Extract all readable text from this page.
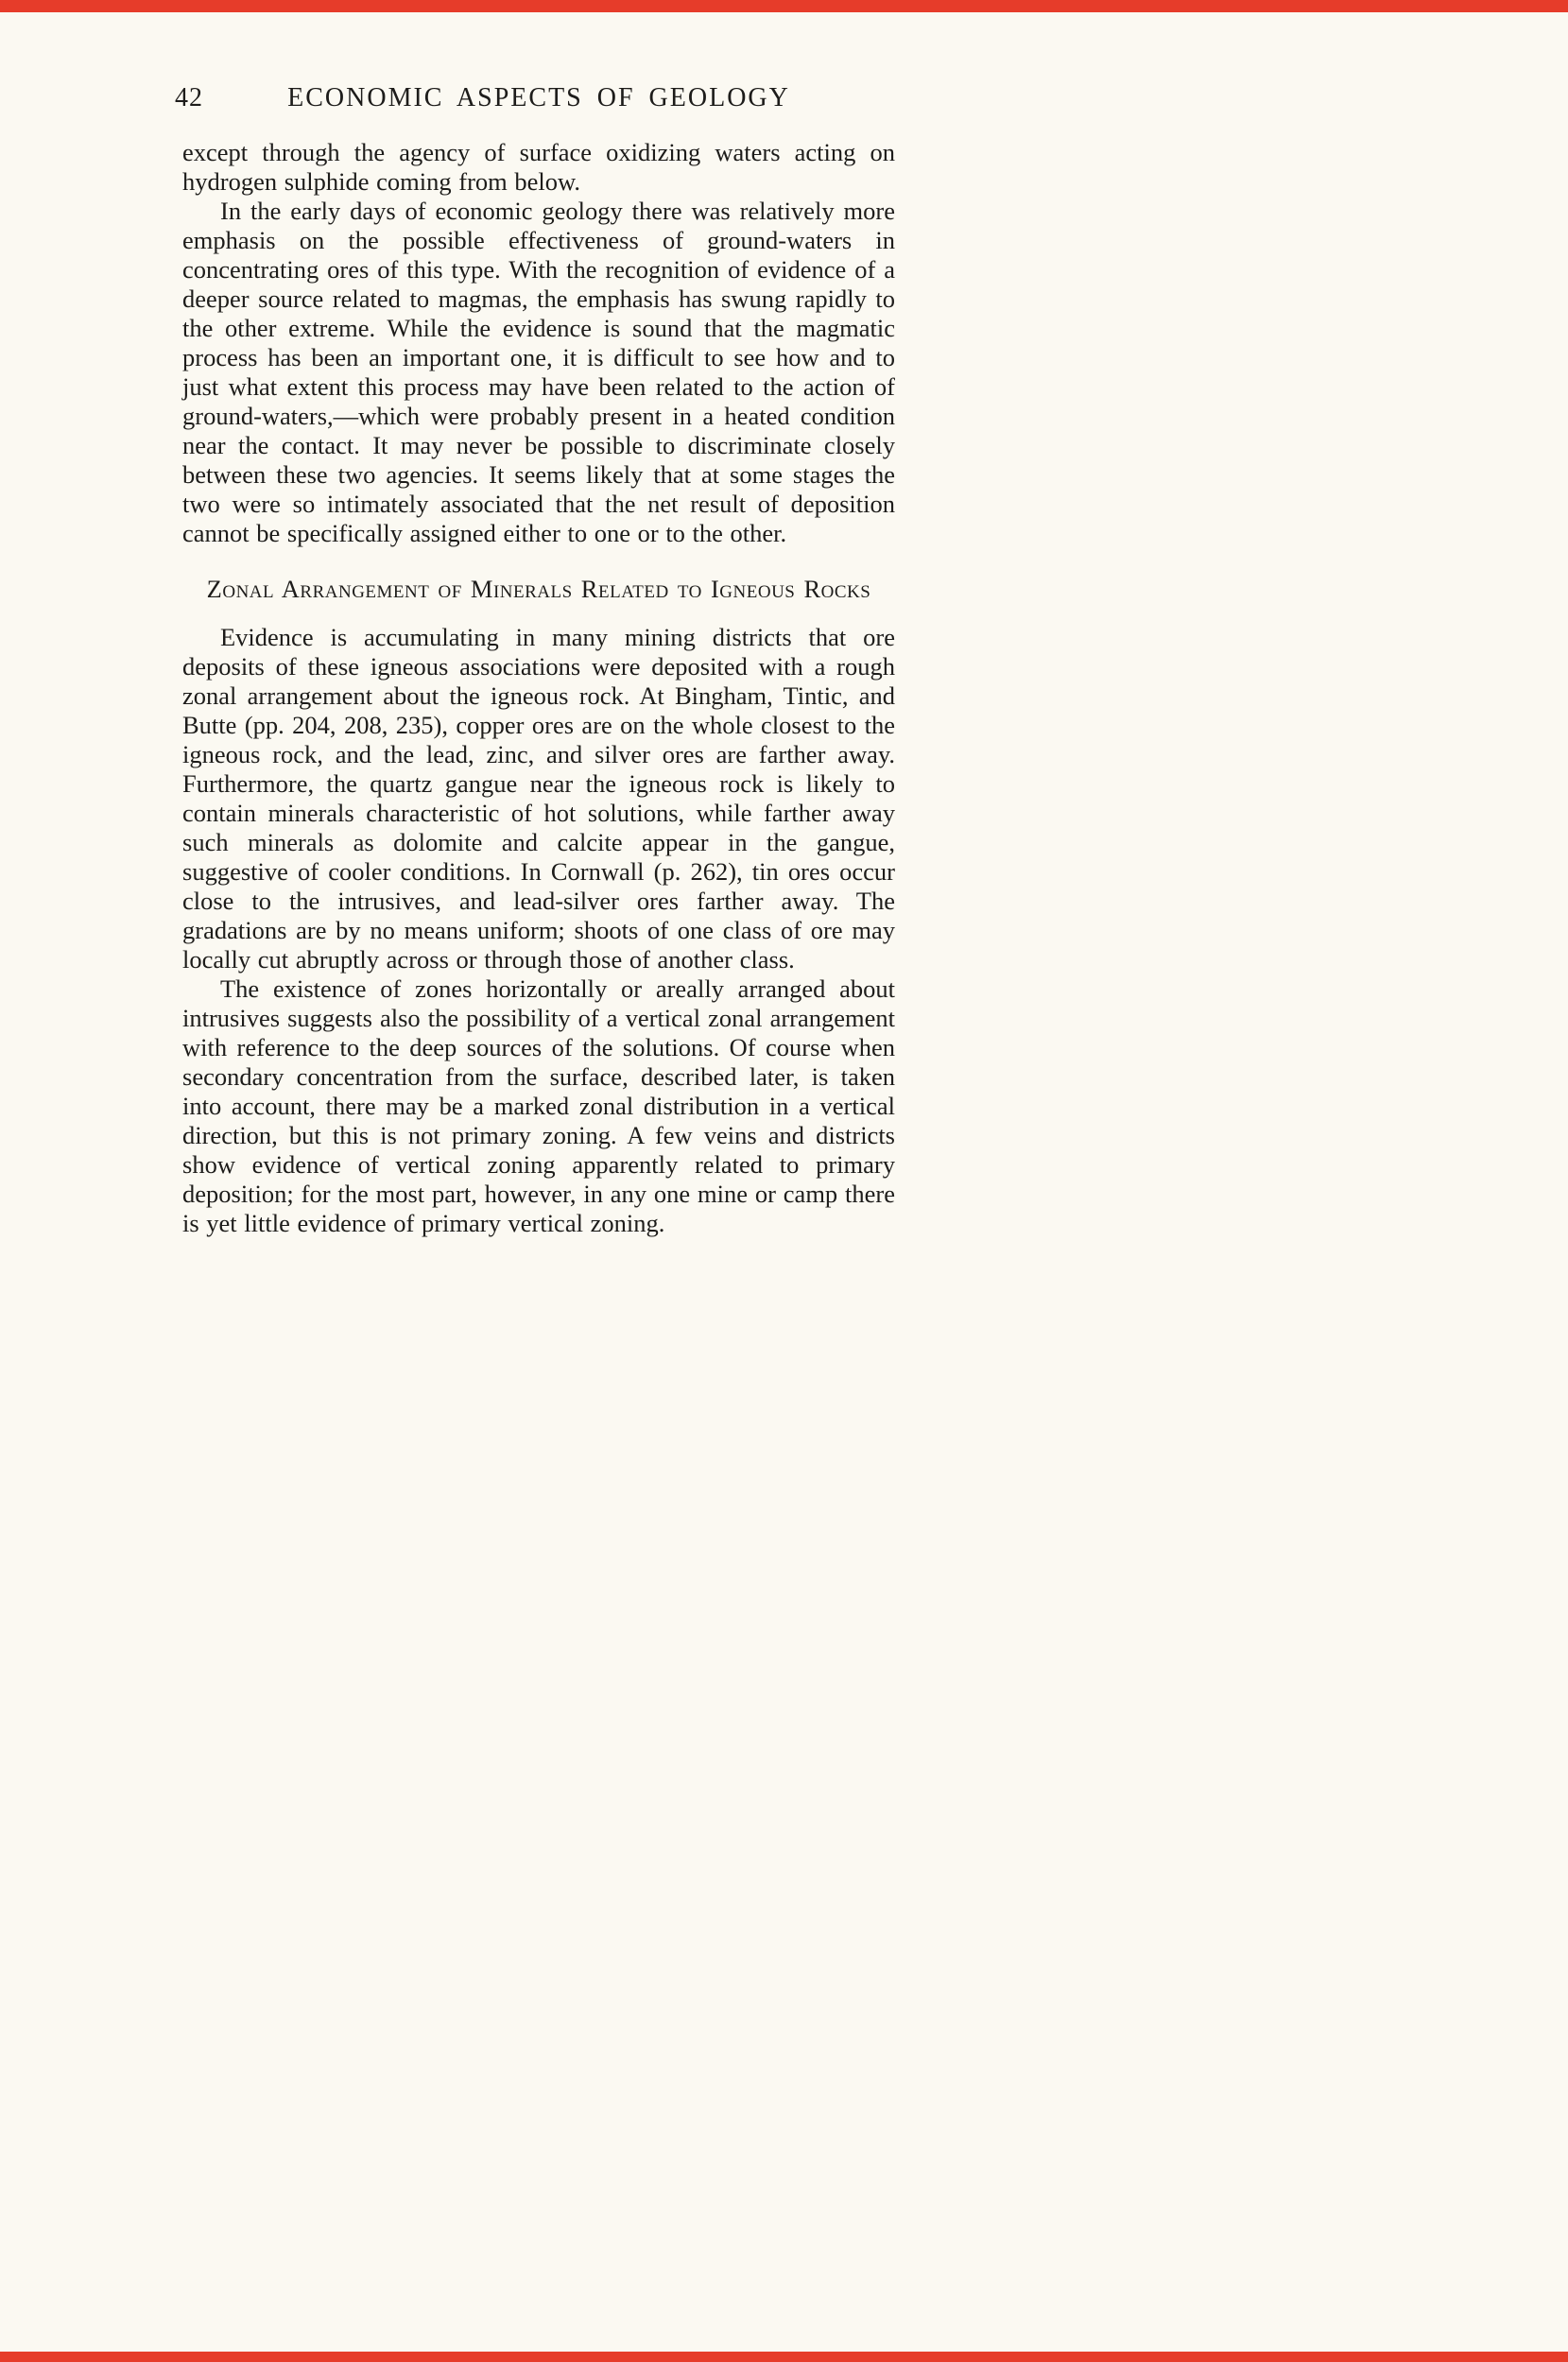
42	ECONOMIC ASPECTS OF GEOLOGY

except through the agency of surface oxidizing waters acting on hydrogen sulphide coming from below.

In the early days of economic geology there was relatively more emphasis on the possible effectiveness of ground-waters in concentrating ores of this type. With the recognition of evidence of a deeper source related to magmas, the emphasis has swung rapidly to the other extreme. While the evidence is sound that the magmatic process has been an important one, it is difficult to see how and to just what extent this process may have been related to the action of ground-waters,—which were probably present in a heated condition near the contact. It may never be possible to discriminate closely between these two agencies. It seems likely that at some stages the two were so intimately associated that the net result of deposition cannot be specifically assigned either to one or to the other.

Zonal Arrangement of Minerals Related to Igneous Rocks

Evidence is accumulating in many mining districts that ore deposits of these igneous associations were deposited with a rough zonal arrangement about the igneous rock. At Bingham, Tintic, and Butte (pp. 204, 208, 235), copper ores are on the whole closest to the igneous rock, and the lead, zinc, and silver ores are farther away. Furthermore, the quartz gangue near the igneous rock is likely to contain minerals characteristic of hot solutions, while farther away such minerals as dolomite and calcite appear in the gangue, suggestive of cooler conditions. In Cornwall (p. 262), tin ores occur close to the intrusives, and lead-silver ores farther away. The gradations are by no means uniform; shoots of one class of ore may locally cut abruptly across or through those of another class.

The existence of zones horizontally or areally arranged about intrusives suggests also the possibility of a vertical zonal arrangement with reference to the deep sources of the solutions. Of course when secondary concentration from the surface, described later, is taken into account, there may be a marked zonal distribution in a vertical direction, but this is not primary zoning. A few veins and districts show evidence of vertical zoning apparently related to primary deposition; for the most part, however, in any one mine or camp there is yet little evidence of primary vertical zoning.
